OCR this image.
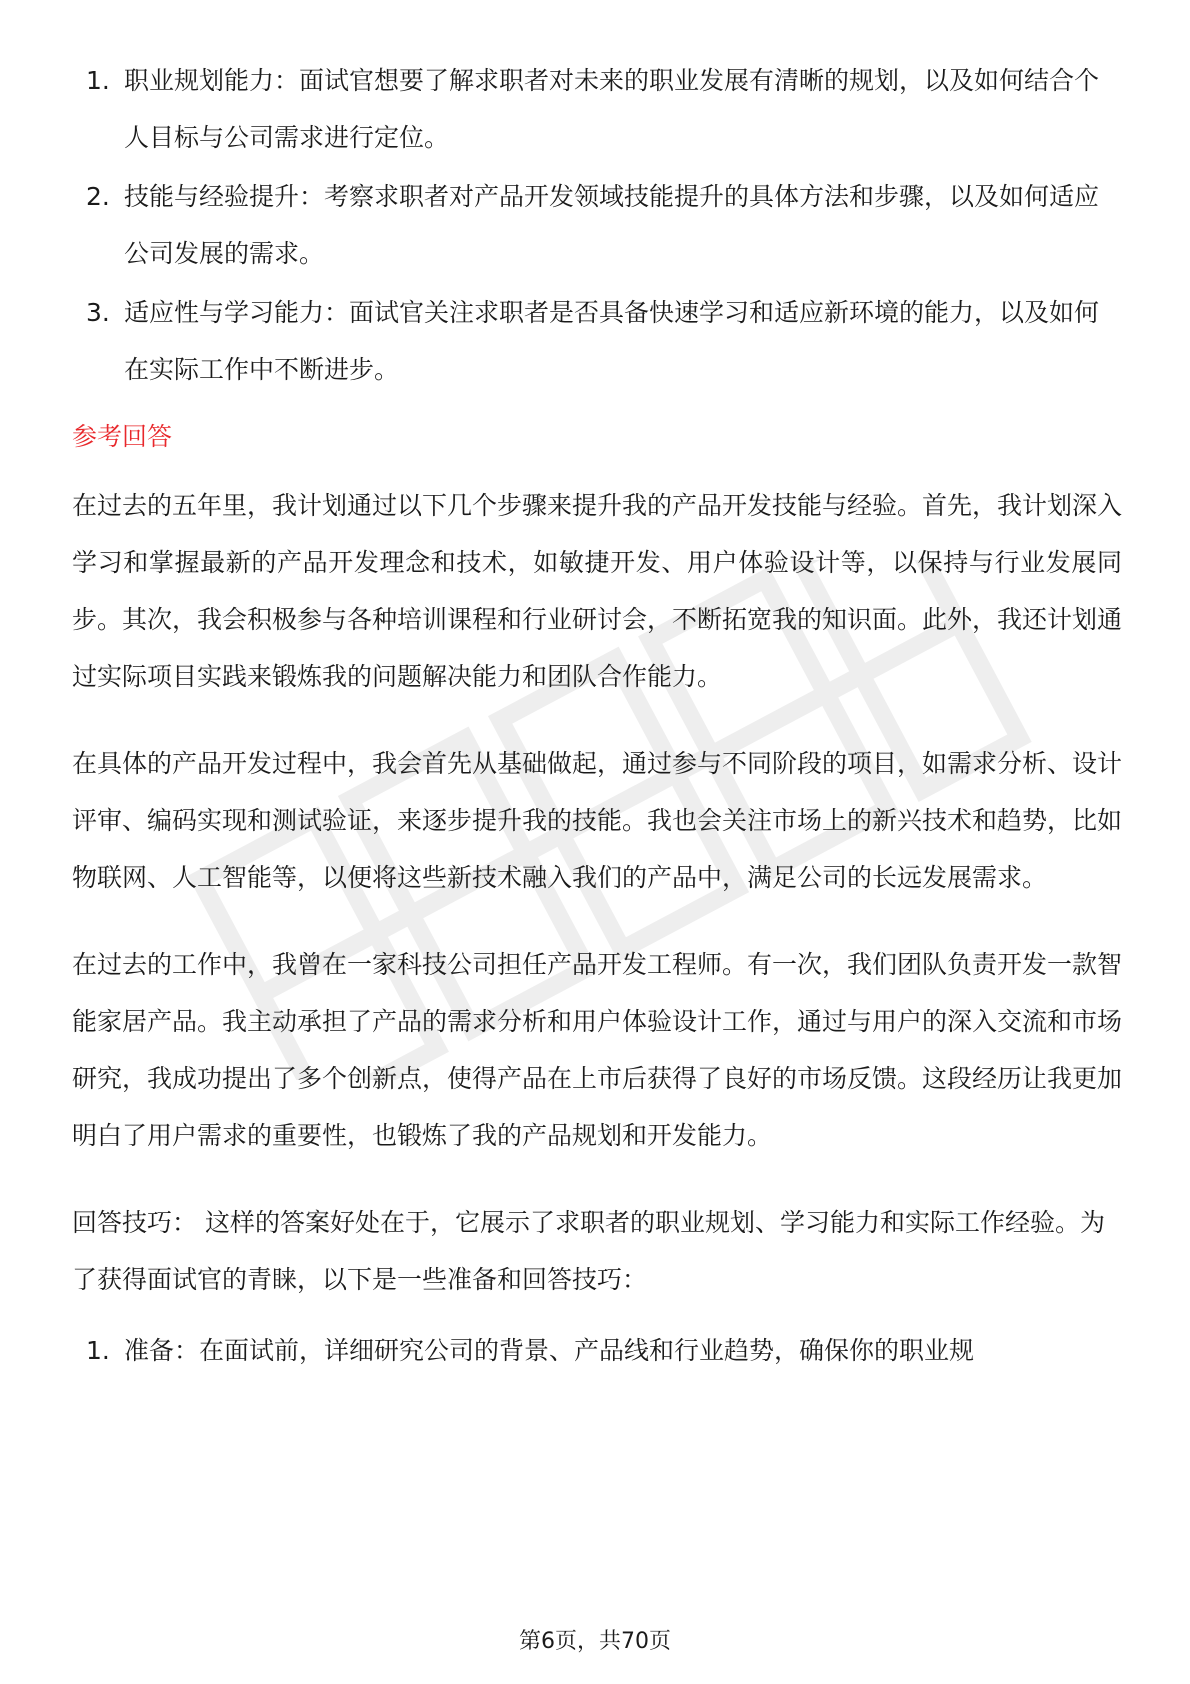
1. 职业规划能力：面试官想要了解求职者对未来的职业发展有清晰的规划，以及如何结合个人目标与公司需求进行定位。
2. 技能与经验提升：考察求职者对产品开发领域技能提升的具体方法和步骤，以及如何适应公司发展的需求。
3. 适应性与学习能力：面试官关注求职者是否具备快速学习和适应新环境的能力，以及如何在实际工作中不断进步。
参考回答

在过去的五年里，我计划通过以下几个步骤来提升我的产品开发技能与经验。首先，我计划深入学习和掌握最新的产品开发理念和技术，如敏捷开发、用户体验设计等，以保持与行业发展同步。其次，我会积极参与各种培训课程和行业研讨会，不断拓宽我的知识面。此外，我还计划通过实际项目实践来锻炼我的问题解决能力和团队合作能力。

在具体的产品开发过程中，我会首先从基础做起，通过参与不同阶段的项目，如需求分析、设计评审、编码实现和测试验证，来逐步提升我的技能。我也会关注市场上的新兴技术和趋势，比如物联网、人工智能等，以便将这些新技术融入我们的产品中，满足公司的长远发展需求。

在过去的工作中，我曾在一家科技公司担任产品开发工程师。有一次，我们团队负责开发一款智能家居产品。我主动承担了产品的需求分析和用户体验设计工作，通过与用户的深入交流和市场研究，我成功提出了多个创新点，使得产品在上市后获得了良好的市场反馈。这段经历让我更加明白了用户需求的重要性，也锻炼了我的产品规划和开发能力。

回答技巧： 这样的答案好处在于，它展示了求职者的职业规划、学习能力和实际工作经验。为了获得面试官的青睐，以下是一些准备和回答技巧：

1. 准备：在面试前，详细研究公司的背景、产品线和行业趋势，确保你的职业规
第6页，共70页
